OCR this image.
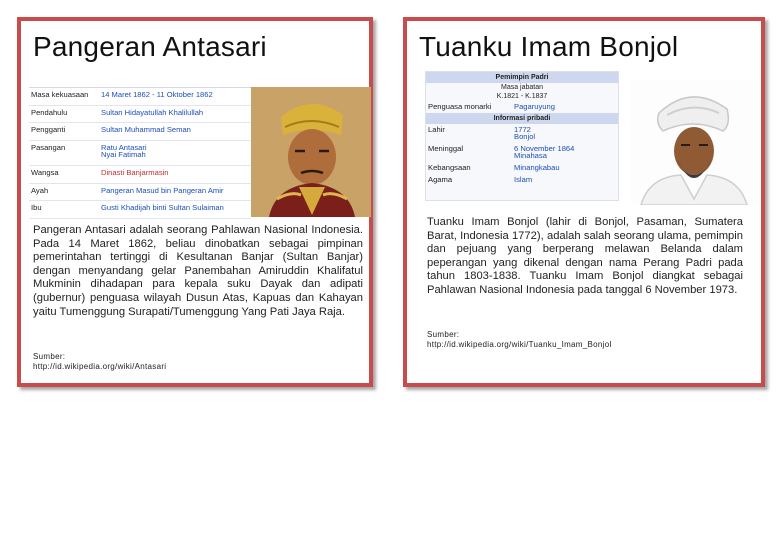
Pangeran Antasari
Masa kekuasaan	14 Maret 1862 - 11 Oktober 1862
Pendahulu	Sultan Hidayatullah Khalilullah
Pengganti	Sultan Muhammad Seman
Pasangan	Ratu Antasari
Nyai Fatimah
Wangsa	Dinasti Banjarmasin
Ayah	Pangeran Masud bin Pangeran Amir
Ibu	Gusti Khadijah binti Sultan Sulaiman

Pangeran Antasari adalah seorang Pahlawan Nasional Indonesia. Pada 14 Maret 1862, beliau dinobatkan sebagai pimpinan pemerintahan tertinggi di Kesultanan Banjar (Sultan Banjar) dengan menyandang gelar Panembahan Amiruddin Khalifatul Mukminin dihadapan para kepala suku Dayak dan adipati (gubernur) penguasa wilayah Dusun Atas, Kapuas dan Kahayan yaitu Tumenggung Surapati/Tumenggung Yang Pati Jaya Raja.

Sumber:
http://id.wikipedia.org/wiki/Antasari
Tuanku Imam Bonjol
Pemimpin Padri
Masa jabatan
K.1821 - K.1837
Penguasa monarki	Pagaruyung
Informasi pribadi
Lahir	1772
Bonjol
Meninggal	6 November 1864
Minahasa
Kebangsaan	Minangkabau
Agama	Islam

Tuanku Imam Bonjol (lahir di Bonjol, Pasaman, Sumatera Barat, Indonesia 1772), adalah salah seorang ulama, pemimpin dan pejuang yang berperang melawan Belanda dalam peperangan yang dikenal dengan nama Perang Padri pada tahun 1803-1838. Tuanku Imam Bonjol diangkat sebagai Pahlawan Nasional Indonesia pada tanggal 6 November 1973.

Sumber:
http://id.wikipedia.org/wiki/Tuanku_Imam_Bonjol
